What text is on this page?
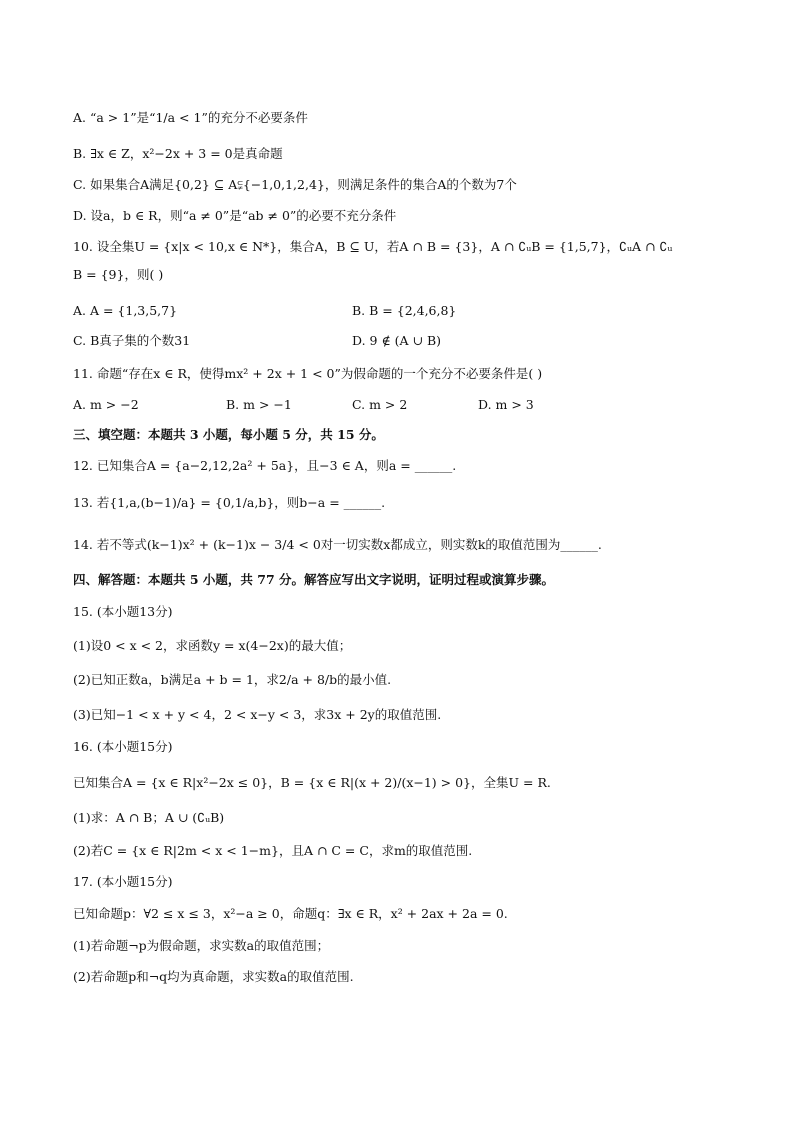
A. “a > 1”是“1/a < 1”的充分不必要条件
B. ∃x ∈ Z，x²−2x + 3 = 0是真命题
C. 如果集合A满足{0,2} ⊆ A⫋{−1,0,1,2,4}，则满足条件的集合A的个数为7个
D. 设a，b ∈ R，则“a ≠ 0”是“ab ≠ 0”的必要不充分条件
10. 设全集U = {x|x < 10,x ∈ N*}，集合A，B ⊆ U，若A ∩ B = {3}，A ∩ ∁ᵤB = {1,5,7}，∁ᵤA ∩ ∁ᵤ
B = {9}，则( )
A. A = {1,3,5,7}	B. B = {2,4,6,8}
C. B真子集的个数31	D. 9 ∉ (A ∪ B)
11. 命题“存在x ∈ R，使得mx² + 2x + 1 < 0”为假命题的一个充分不必要条件是( )
A. m > −2	B. m > −1	C. m > 2	D. m > 3
三、填空题：本题共 3 小题，每小题 5 分，共 15 分。
12. 已知集合A = {a−2,12,2a² + 5a}，且−3 ∈ A，则a = ______.
13. 若{1,a,(b−1)/a} = {0,1/a,b}，则b−a = ______.
14. 若不等式(k−1)x² + (k−1)x − 3/4 < 0对一切实数x都成立，则实数k的取值范围为______.
四、解答题：本题共 5 小题，共 77 分。解答应写出文字说明，证明过程或演算步骤。
15. (本小题13分)
(1)设0 < x < 2，求函数y = x(4−2x)的最大值；
(2)已知正数a，b满足a + b = 1，求2/a + 8/b的最小值.
(3)已知−1 < x + y < 4，2 < x−y < 3，求3x + 2y的取值范围.
16. (本小题15分)
已知集合A = {x ∈ R|x²−2x ≤ 0}，B = {x ∈ R|(x + 2)/(x−1) > 0}，全集U = R.
(1)求：A ∩ B；A ∪ (∁ᵤB)
(2)若C = {x ∈ R|2m < x < 1−m}，且A ∩ C = C，求m的取值范围.
17. (本小题15分)
已知命题p：∀2 ≤ x ≤ 3，x²−a ≥ 0，命题q：∃x ∈ R，x² + 2ax + 2a = 0.
(1)若命题¬p为假命题，求实数a的取值范围；
(2)若命题p和¬q均为真命题，求实数a的取值范围.
